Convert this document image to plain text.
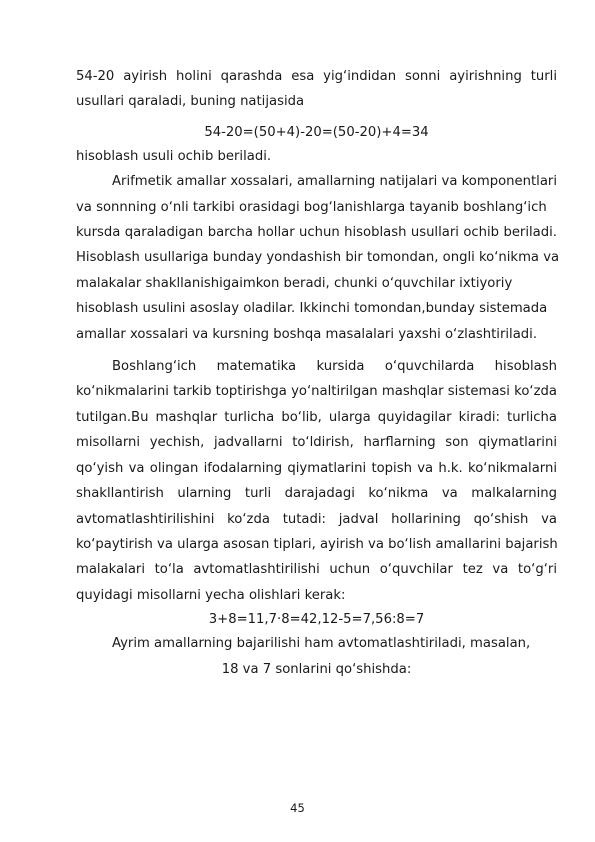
54-20 ayirish holini qarashda esa yig‘indidan sonni ayirishning turli
usullari qaraladi, buning natijasida
54-20=(50+4)-20=(50-20)+4=34
hisoblash usuli ochib beriladi.
Arifmetik amallar xossalari, amallarning natijalari va komponentlari
va sonnning o‘nli tarkibi orasidagi bog‘lanishlarga tayanib boshlang‘ich
kursda qaraladigan barcha hollar uchun hisoblash usullari ochib beriladi.
Hisoblash usullariga bunday yondashish bir tomondan, ongli ko‘nikma va
malakalar shakllanishigaimkon beradi, chunki o‘quvchilar ixtiyoriy
hisoblash usulini asoslay oladilar. Ikkinchi tomondan,bunday sistemada
amallar xossalari va kursning boshqa masalalari yaxshi o‘zlashtiriladi.
Boshlang‘ich matematika kursida o‘quvchilarda hisoblash
ko‘nikmalarini tarkib toptirishga yo‘naltirilgan mashqlar sistemasi ko‘zda
tutilgan.Bu mashqlar turlicha bo‘lib, ularga quyidagilar kiradi: turlicha
misollarni yechish, jadvallarni to‘ldirish, harflarning son qiymatlarini
qo‘yish va olingan ifodalarning qiymatlarini topish va h.k. ko‘nikmalarni
shakllantirish ularning turli darajadagi ko‘nikma va malkalarning
avtomatlashtirilishini ko‘zda tutadi: jadval hollarining qo‘shish va
ko‘paytirish va ularga asosan tiplari, ayirish va bo‘lish amallarini bajarish
malakalari to‘la avtomatlashtirilishi uchun o‘quvchilar tez va to‘g‘ri
quyidagi misollarni yecha olishlari kerak:
3+8=11,7·8=42,12-5=7,56:8=7
Ayrim amallarning bajarilishi ham avtomatlashtiriladi, masalan,
18 va 7 sonlarini qo‘shishda:
45
